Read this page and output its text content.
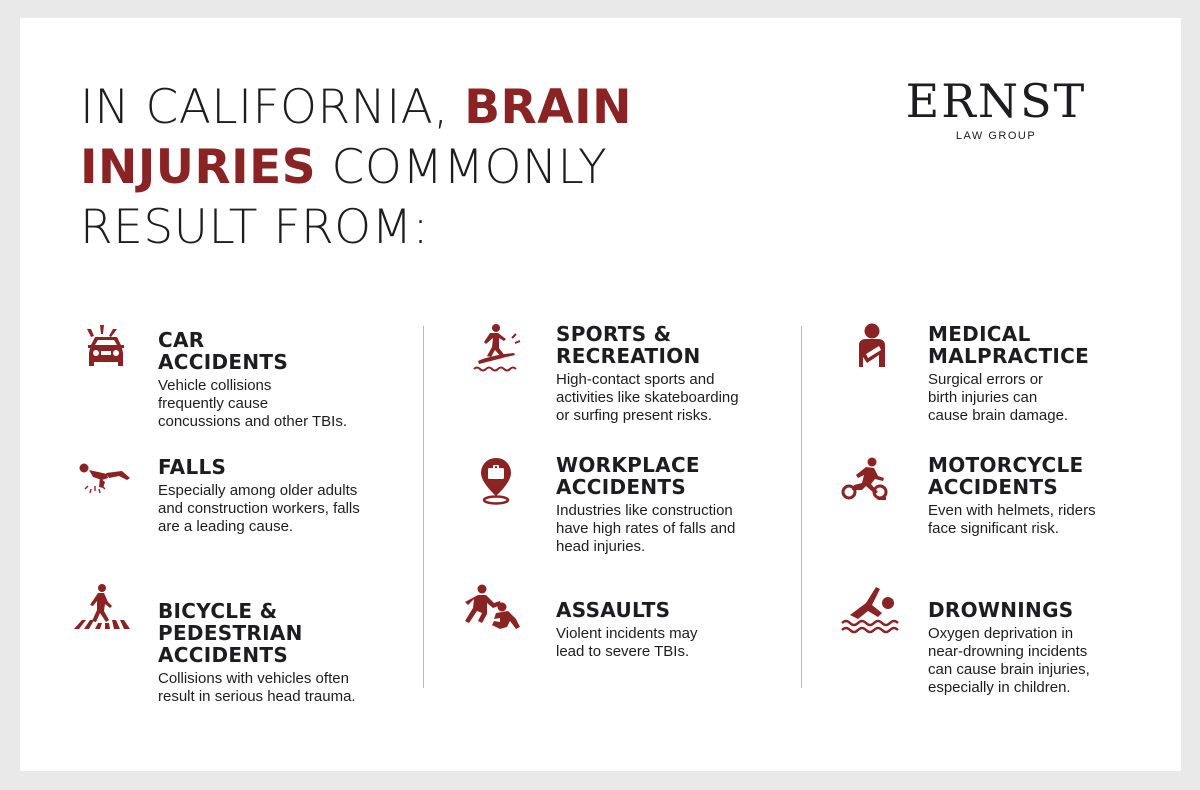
IN CALIFORNIA, BRAIN
INJURIES COMMONLY
RESULT FROM:
ERNST
LAW GROUP
CAR
ACCIDENTS
Vehicle collisions
frequently cause
concussions and other TBIs.
FALLS
Especially among older adults
and construction workers, falls
are a leading cause.
BICYCLE &
PEDESTRIAN
ACCIDENTS
Collisions with vehicles often
result in serious head trauma.
SPORTS &
RECREATION
High-contact sports and
activities like skateboarding
or surfing present risks.
WORKPLACE
ACCIDENTS
Industries like construction
have high rates of falls and
head injuries.
ASSAULTS
Violent incidents may
lead to severe TBIs.
MEDICAL
MALPRACTICE
Surgical errors or
birth injuries can
cause brain damage.
MOTORCYCLE
ACCIDENTS
Even with helmets, riders
face significant risk.
DROWNINGS
Oxygen deprivation in
near-drowning incidents
can cause brain injuries,
especially in children.
